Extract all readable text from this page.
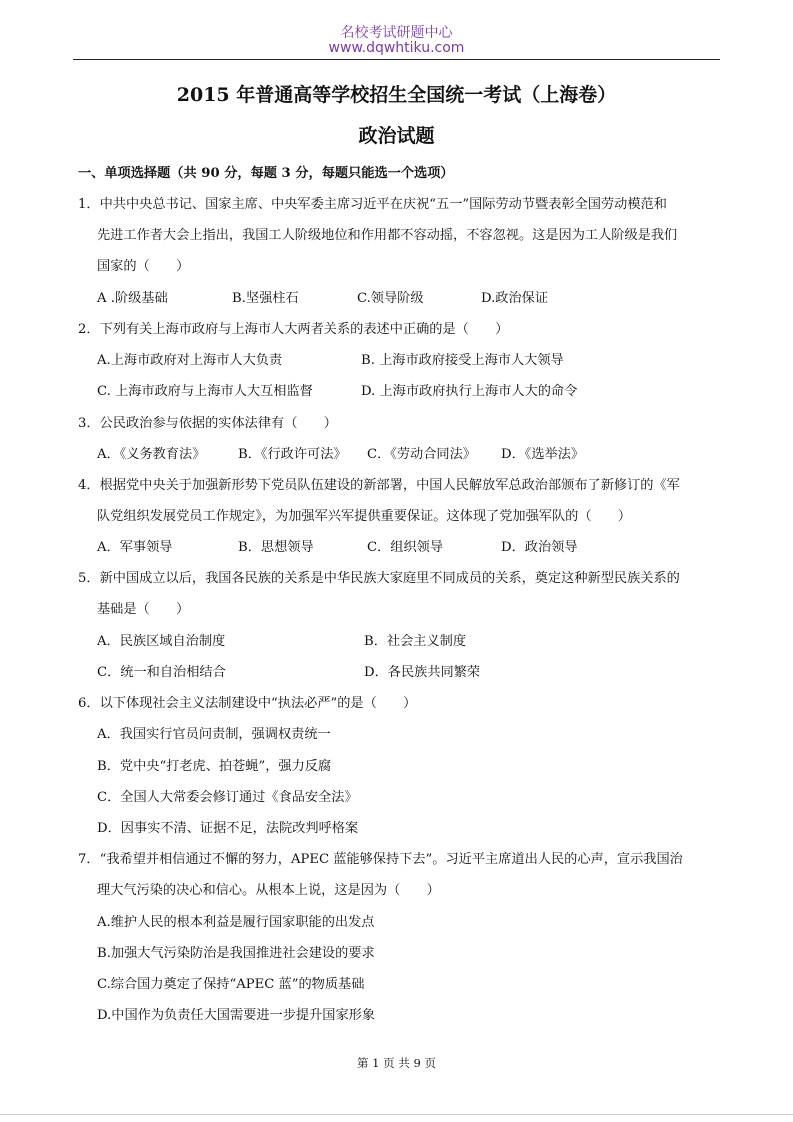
名校考试研题中心
www.dqwhtiku.com
2015 年普通高等学校招生全国统一考试（上海卷）
政治试题
一、单项选择题（共 90 分，每题 3 分，每题只能选一个选项）
1．中共中央总书记、国家主席、中央军委主席习近平在庆祝“五一”国际劳动节暨表彰全国劳动模范和
先进工作者大会上指出，我国工人阶级地位和作用都不容动摇，不容忽视。这是因为工人阶级是我们
国家的（　　）
A .阶级基础	B.坚强柱石	C.领导阶级	D.政治保证
2．下列有关上海市政府与上海市人大两者关系的表述中正确的是（　　）
A.上海市政府对上海市人大负责	B. 上海市政府接受上海市人大领导
C. 上海市政府与上海市人大互相监督	D. 上海市政府执行上海市人大的命令
3．公民政治参与依据的实体法律有（　　）
A．《义务教育法》 B．《行政许可法》 C．《劳动合同法》 D．《选举法》
4．根据党中央关于加强新形势下党员队伍建设的新部署，中国人民解放军总政治部颁布了新修订的《军
队党组织发展党员工作规定》，为加强军兴军提供重要保证。这体现了党加强军队的（　　）
A．军事领导	B．思想领导	C．组织领导	D．政治领导
5．新中国成立以后，我国各民族的关系是中华民族大家庭里不同成员的关系，奠定这种新型民族关系的
基础是（　　）
A．民族区域自治制度	B．社会主义制度
C．统一和自治相结合	D．各民族共同繁荣
6．以下体现社会主义法制建设中“执法必严”的是（　　）
A．我国实行官员问责制，强调权责统一
B．党中央“打老虎、拍苍蝇”，强力反腐
C．全国人大常委会修订通过《食品安全法》
D．因事实不清、证据不足，法院改判呼格案
7．“我希望并相信通过不懈的努力，APEC 蓝能够保持下去”。习近平主席道出人民的心声，宣示我国治
理大气污染的决心和信心。从根本上说，这是因为（　　）
A.维护人民的根本利益是履行国家职能的出发点
B.加强大气污染防治是我国推进社会建设的要求
C.综合国力奠定了保持“APEC 蓝”的物质基础
D.中国作为负责任大国需要进一步提升国家形象
第 1 页 共 9 页
